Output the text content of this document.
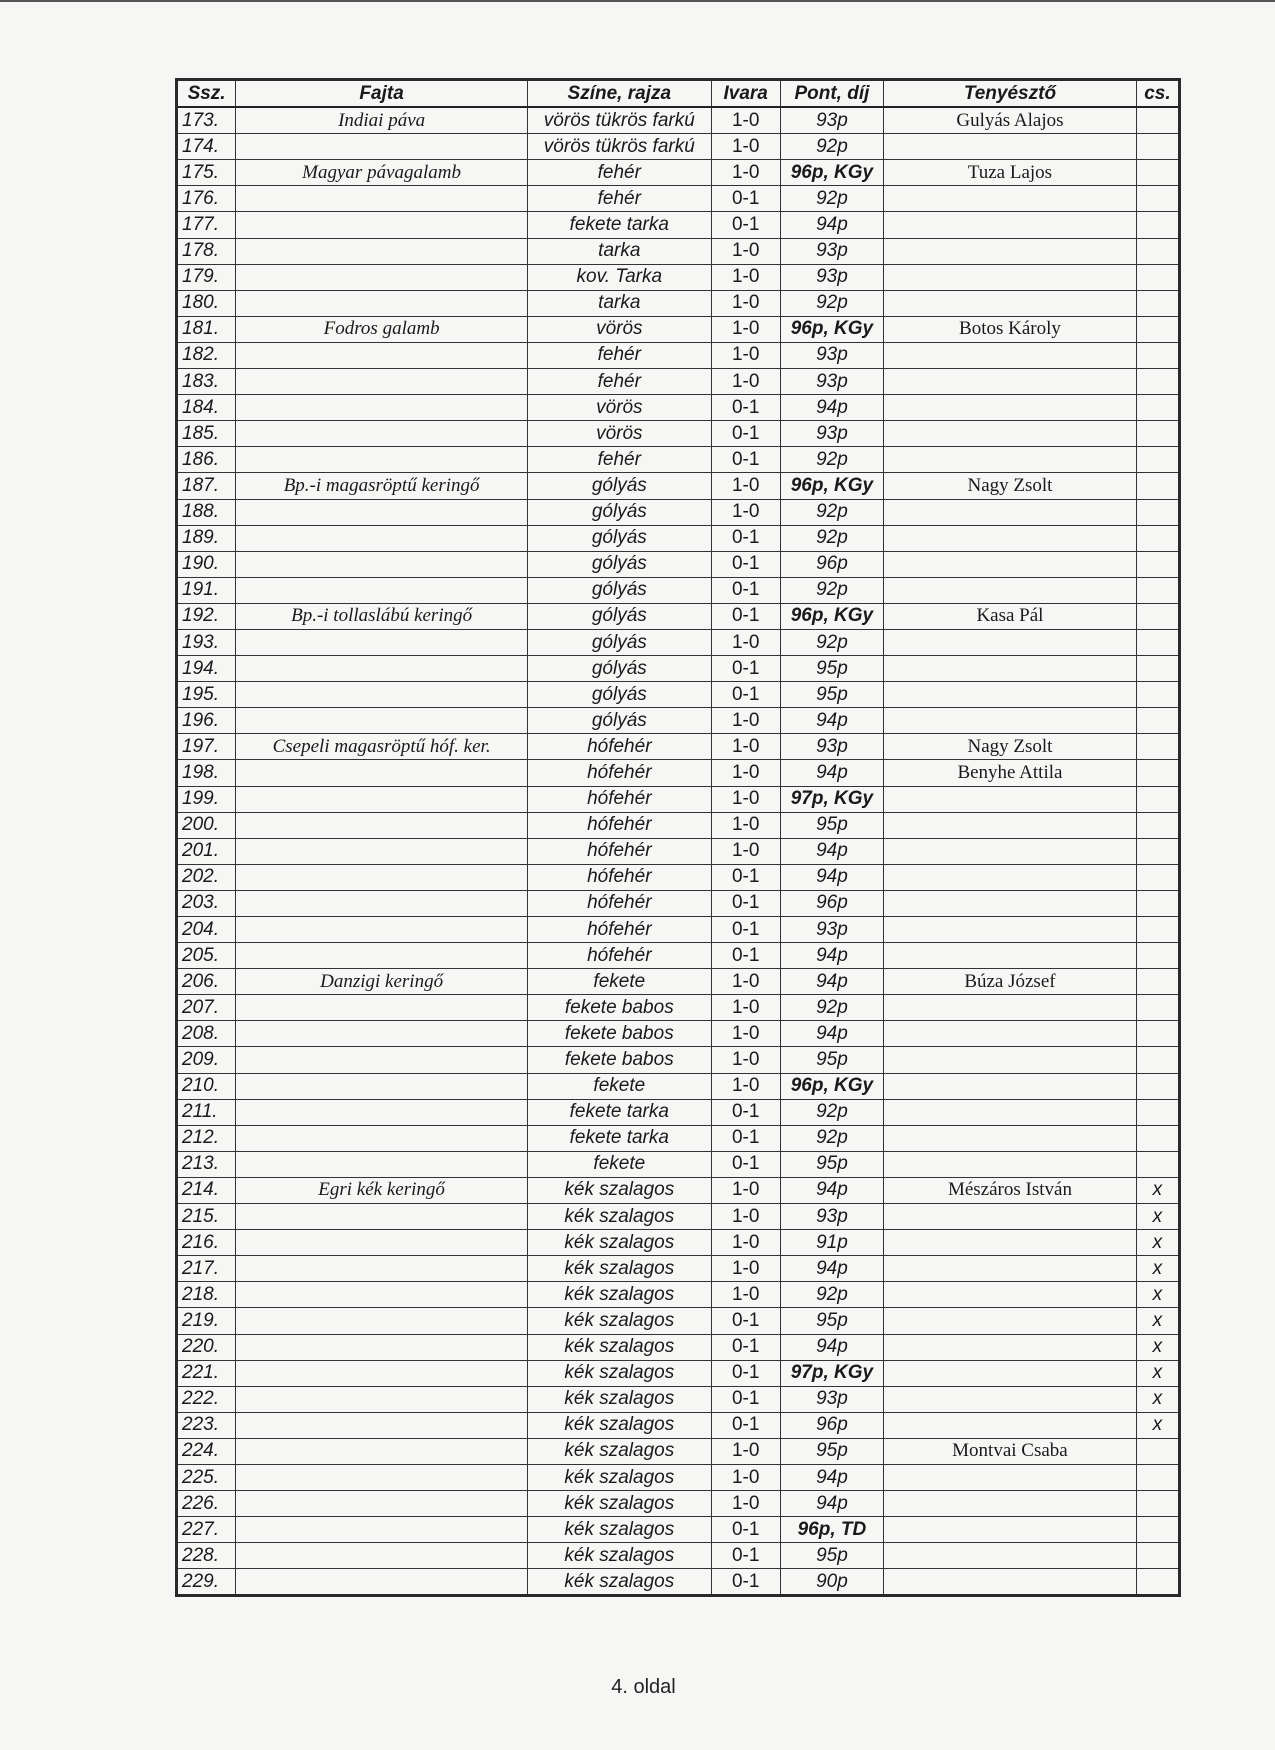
Ssz.	Fajta	Színe, rajza	Ivara	Pont, díj	Tenyésztő	cs.
173.	Indiai páva	vörös tükrös farkú	1-0	93p	Gulyás Alajos	
174.		vörös tükrös farkú	1-0	92p		
175.	Magyar pávagalamb	fehér	1-0	96p, KGy	Tuza Lajos	
176.		fehér	0-1	92p		
177.		fekete tarka	0-1	94p		
178.		tarka	1-0	93p		
179.		kov. Tarka	1-0	93p		
180.		tarka	1-0	92p		
181.	Fodros galamb	vörös	1-0	96p, KGy	Botos Károly	
182.		fehér	1-0	93p		
183.		fehér	1-0	93p		
184.		vörös	0-1	94p		
185.		vörös	0-1	93p		
186.		fehér	0-1	92p		
187.	Bp.-i magasröptű keringő	gólyás	1-0	96p, KGy	Nagy Zsolt	
188.		gólyás	1-0	92p		
189.		gólyás	0-1	92p		
190.		gólyás	0-1	96p		
191.		gólyás	0-1	92p		
192.	Bp.-i tollaslábú keringő	gólyás	0-1	96p, KGy	Kasa Pál	
193.		gólyás	1-0	92p		
194.		gólyás	0-1	95p		
195.		gólyás	0-1	95p		
196.		gólyás	1-0	94p		
197.	Csepeli magasröptű hóf. ker.	hófehér	1-0	93p	Nagy Zsolt	
198.		hófehér	1-0	94p	Benyhe Attila	
199.		hófehér	1-0	97p, KGy		
200.		hófehér	1-0	95p		
201.		hófehér	1-0	94p		
202.		hófehér	0-1	94p		
203.		hófehér	0-1	96p		
204.		hófehér	0-1	93p		
205.		hófehér	0-1	94p		
206.	Danzigi keringő	fekete	1-0	94p	Búza József	
207.		fekete babos	1-0	92p		
208.		fekete babos	1-0	94p		
209.		fekete babos	1-0	95p		
210.		fekete	1-0	96p, KGy		
211.		fekete tarka	0-1	92p		
212.		fekete tarka	0-1	92p		
213.		fekete	0-1	95p		
214.	Egri kék keringő	kék szalagos	1-0	94p	Mészáros István	x
215.		kék szalagos	1-0	93p		x
216.		kék szalagos	1-0	91p		x
217.		kék szalagos	1-0	94p		x
218.		kék szalagos	1-0	92p		x
219.		kék szalagos	0-1	95p		x
220.		kék szalagos	0-1	94p		x
221.		kék szalagos	0-1	97p, KGy		x
222.		kék szalagos	0-1	93p		x
223.		kék szalagos	0-1	96p		x
224.		kék szalagos	1-0	95p	Montvai Csaba	
225.		kék szalagos	1-0	94p		
226.		kék szalagos	1-0	94p		
227.		kék szalagos	0-1	96p, TD		
228.		kék szalagos	0-1	95p		
229.		kék szalagos	0-1	90p		
4. oldal
